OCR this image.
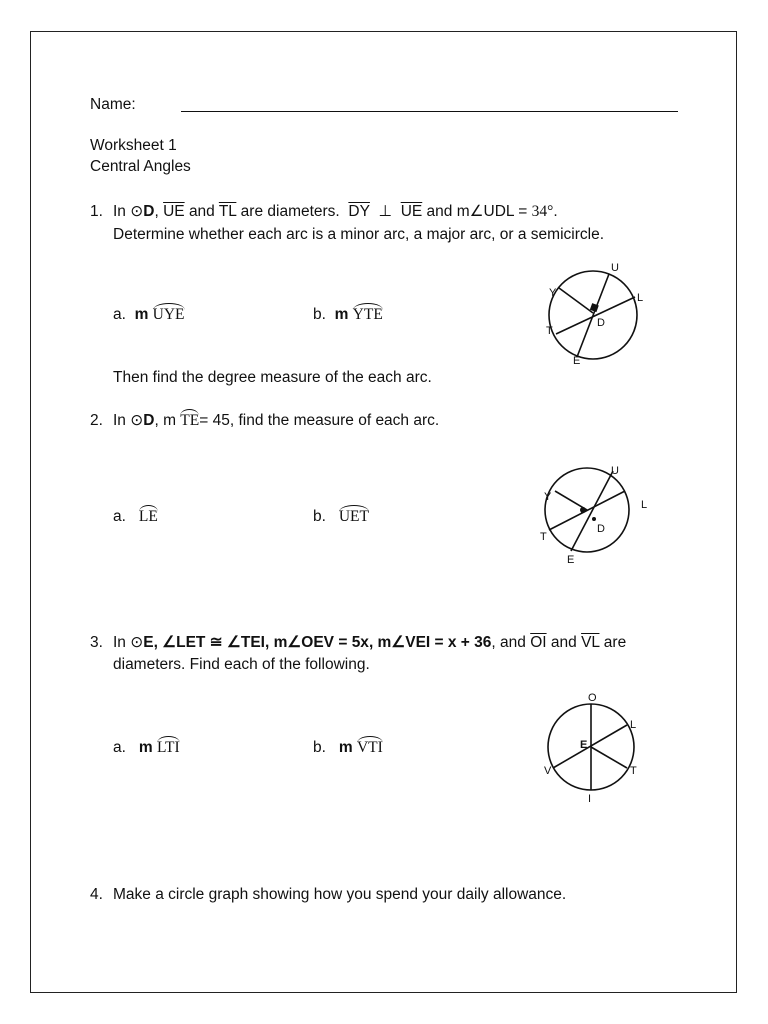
Name:
Worksheet 1
Central Angles
1. In ⊙D, $\overline{UE}$ and $\overline{TL}$ are diameters. $\overline{DY}$ ⊥ $\overline{UE}$ and m∠UDL = 34°.
Determine whether each arc is a minor arc, a major arc, or a semicircle.
a. m UYE	b. m YTE
U
L
Y
T
E
D
Then find the degree measure of the each arc.
2. In ⊙D, m TE= 45, find the measure of each arc.
a. LE	b. UET
U
L
Y
T
E
D
3. In ⊙E, ∠LET ≅ ∠TEI, m∠OEV = 5x, m∠VEI = x + 36, and $\overline{OI}$ and $\overline{VL}$ are
diameters. Find each of the following.
a. m LTI	b. m VTI
O
L
E
V	T
I
4. Make a circle graph showing how you spend your daily allowance.
